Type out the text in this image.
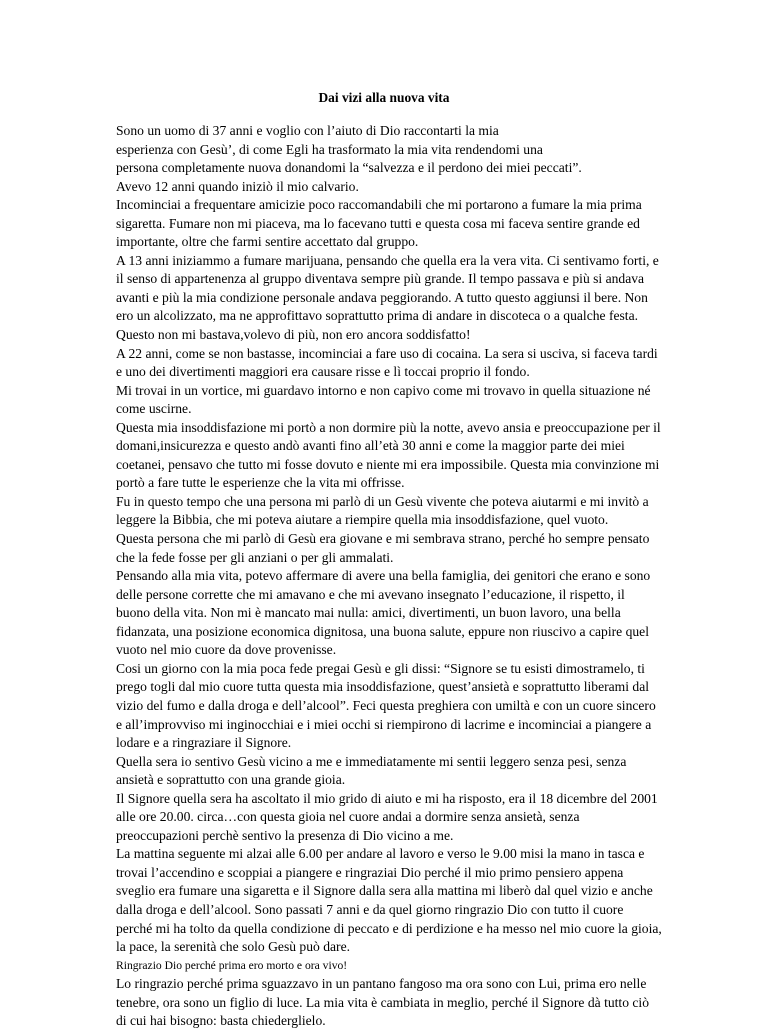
Dai vizi alla nuova vita
Sono un uomo di 37 anni e voglio con l’aiuto di Dio raccontarti la mia
esperienza con Gesù’, di come Egli ha trasformato la mia vita rendendomi una
persona completamente nuova donandomi la “salvezza e il perdono dei miei peccati”.
Avevo 12 anni quando iniziò il mio calvario.
Incominciai a frequentare amicizie poco raccomandabili che mi portarono a fumare la mia prima
sigaretta. Fumare non mi piaceva, ma lo facevano tutti e questa cosa mi faceva sentire grande ed
importante, oltre che farmi sentire accettato dal gruppo.
A 13 anni iniziammo a fumare marijuana, pensando che quella era la vera vita. Ci sentivamo forti, e
il senso di appartenenza al gruppo diventava sempre più grande. Il tempo passava e più si andava
avanti e più la mia condizione personale andava peggiorando. A tutto questo aggiunsi il bere. Non
ero un alcolizzato, ma ne approfittavo soprattutto prima di andare in discoteca o a qualche festa.
Questo non mi bastava,volevo di più, non ero ancora soddisfatto!
A 22 anni, come se non bastasse, incominciai a fare uso di cocaina. La sera si usciva, si faceva tardi
e uno dei divertimenti maggiori era causare risse e lì toccai proprio il fondo.
Mi trovai in un vortice, mi guardavo intorno e non capivo come mi trovavo in quella situazione né
come uscirne.
Questa mia insoddisfazione mi portò a non dormire più la notte, avevo ansia e preoccupazione per il
domani,insicurezza e questo andò avanti fino all’età 30 anni e come la maggior parte dei miei
coetanei, pensavo che tutto mi fosse dovuto e niente mi era impossibile. Questa mia convinzione mi
portò a fare tutte le esperienze che la vita mi offrisse.
Fu in questo tempo che una persona mi parlò di un Gesù vivente che poteva aiutarmi e mi invitò a
leggere la Bibbia, che mi poteva aiutare a riempire quella mia insoddisfazione, quel vuoto.
Questa persona che mi parlò di Gesù era giovane e mi sembrava strano, perché ho sempre pensato
che la fede fosse per gli anziani o per gli ammalati.
Pensando alla mia vita, potevo affermare di avere una bella famiglia, dei genitori che erano e sono
delle persone corrette che mi amavano e che mi avevano insegnato l’educazione, il rispetto, il
buono della vita. Non mi è mancato mai nulla: amici, divertimenti, un buon lavoro, una bella
fidanzata, una posizione economica dignitosa, una buona salute, eppure non riuscivo a capire quel
vuoto nel mio cuore da dove provenisse.
Cosi un giorno con la mia poca fede pregai Gesù e gli dissi: “Signore se tu esisti dimostramelo, ti
prego togli dal mio cuore tutta questa mia insoddisfazione, quest’ansietà e soprattutto liberami dal
vizio del fumo e dalla droga e dell’alcool”. Feci questa preghiera con umiltà e con un cuore sincero
e all’improvviso mi inginocchiai e i miei occhi si riempirono di lacrime e incominciai a piangere a
lodare e a ringraziare il Signore.
Quella sera io sentivo Gesù vicino a me e immediatamente mi sentii leggero senza pesi, senza
ansietà e soprattutto con una grande gioia.
Il Signore quella sera ha ascoltato il mio grido di aiuto e mi ha risposto, era il 18 dicembre del 2001
alle ore 20.00. circa…con questa gioia nel cuore andai a dormire senza ansietà, senza
preoccupazioni perchè sentivo la presenza di Dio vicino a me.
La mattina seguente mi alzai alle 6.00 per andare al lavoro e verso le 9.00 misi la mano in tasca e
trovai l’accendino e scoppiai a piangere e ringraziai Dio perché il mio primo pensiero appena
sveglio era fumare una sigaretta e il Signore dalla sera alla mattina mi liberò dal quel vizio e anche
dalla droga e dell’alcool. Sono passati 7 anni e da quel giorno ringrazio Dio con tutto il cuore
perché mi ha tolto da quella condizione di peccato e di perdizione e ha messo nel mio cuore la gioia,
la pace, la serenità che solo Gesù può dare.
Ringrazio Dio perché prima ero morto e ora vivo!
Lo ringrazio perché prima sguazzavo in un pantano fangoso ma ora sono con Lui, prima ero nelle
tenebre, ora sono un figlio di luce. La mia vita è cambiata in meglio, perché il Signore dà tutto ciò
di cui hai bisogno: basta chiederglielo.
